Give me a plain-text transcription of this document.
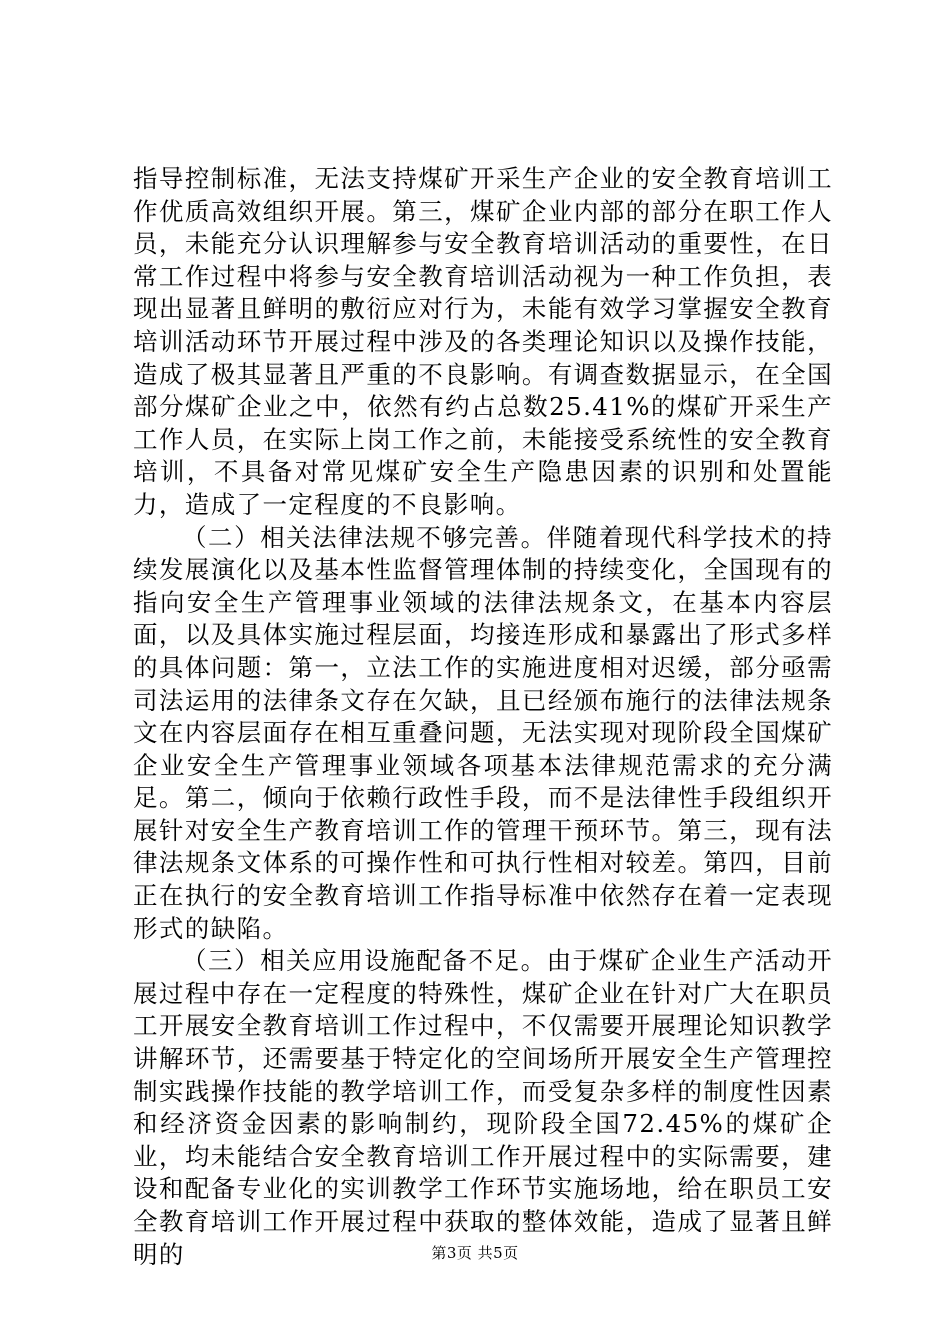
指导控制标准，无法支持煤矿开采生产企业的安全教育培训工作优质高效组织开展。第三，煤矿企业内部的部分在职工作人员，未能充分认识理解参与安全教育培训活动的重要性，在日常工作过程中将参与安全教育培训活动视为一种工作负担，表现出显著且鲜明的敷衍应对行为，未能有效学习掌握安全教育培训活动环节开展过程中涉及的各类理论知识以及操作技能，造成了极其显著且严重的不良影响。有调查数据显示，在全国部分煤矿企业之中，依然有约占总数25.41%的煤矿开采生产工作人员，在实际上岗工作之前，未能接受系统性的安全教育培训，不具备对常见煤矿安全生产隐患因素的识别和处置能力，造成了一定程度的不良影响。

（二）相关法律法规不够完善。伴随着现代科学技术的持续发展演化以及基本性监督管理体制的持续变化，全国现有的指向安全生产管理事业领域的法律法规条文，在基本内容层面，以及具体实施过程层面，均接连形成和暴露出了形式多样的具体问题：第一，立法工作的实施进度相对迟缓，部分亟需司法运用的法律条文存在欠缺，且已经颁布施行的法律法规条文在内容层面存在相互重叠问题，无法实现对现阶段全国煤矿企业安全生产管理事业领域各项基本法律规范需求的充分满足。第二，倾向于依赖行政性手段，而不是法律性手段组织开展针对安全生产教育培训工作的管理干预环节。第三，现有法律法规条文体系的可操作性和可执行性相对较差。第四，目前正在执行的安全教育培训工作指导标准中依然存在着一定表现形式的缺陷。

（三）相关应用设施配备不足。由于煤矿企业生产活动开展过程中存在一定程度的特殊性，煤矿企业在针对广大在职员工开展安全教育培训工作过程中，不仅需要开展理论知识教学讲解环节，还需要基于特定化的空间场所开展安全生产管理控制实践操作技能的教学培训工作，而受复杂多样的制度性因素和经济资金因素的影响制约，现阶段全国72.45%的煤矿企业，均未能结合安全教育培训工作开展过程中的实际需要，建设和配备专业化的实训教学工作环节实施场地，给在职员工安全教育培训工作开展过程中获取的整体效能，造成了显著且鲜明的	第3页 共5页
